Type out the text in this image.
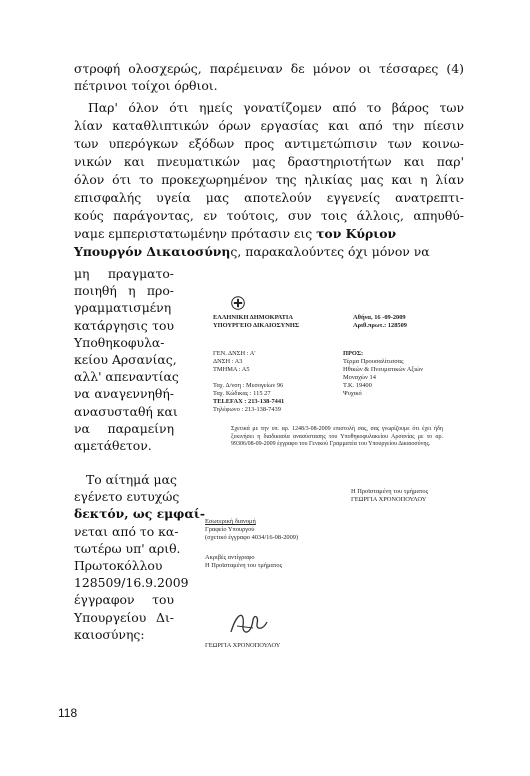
στροφή ολοσχερώς, παρέμειναν δε μόνον οι τέσσαρες (4)
πέτρινοι τοίχοι όρθιοι.
Παρ' όλον ότι ημείς γονατίζομεν από το βάρος των
λίαν καταθλιπτικών όρων εργασίας και από την πίεσιν
των υπερόγκων εξόδων προς αντιμετώπισιν των κοινω-
νικών και πνευματικών μας δραστηριοτήτων και παρ'
όλον ότι το προκεχωρημένον της ηλικίας μας και η λίαν
επισφαλής υγεία μας αποτελούν εγγενείς ανατρεπτι-
κούς παράγοντας, εν τούτοις, συν τοις άλλοις, απηυθύ-
ναμε εμπεριστατωμένην πρότασιν εις τον Κύριον
Υπουργόν Δικαιοσύνης, παρακαλούντες όχι μόνον να
μη πραγματο-
ποιηθή η προ-
γραμματισμένη
κατάργησις του
Υποθηκοφυλα-
κείου Αρσανίας,
αλλ' απεναντίας
να αναγεννηθή-
ανασυσταθή και
να παραμείνη
αμετάθετον.
Το αίτημά μας
εγένετο ευτυχώς
δεκτόν, ως εμφαί-
νεται από το κα-
τωτέρω υπ' αριθ.
Πρωτοκόλλου
128509/16.9.2009
έγγραφον του
Υπουργείου Δι-
καιοσύνης:
ΕΛΛΗΝΙΚΗ ΔΗΜΟΚΡΑΤΙΑ
ΥΠΟΥΡΓΕΙΟ ΔΙΚΑΙΟΣΥΝΗΣ
Αθήνα, 16 -09-2009
Αριθ.πρωτ.: 128509
ΓΕΝ. ΔΝΣΗ : Α'
ΔΝΣΗ : Α3
ΤΜΗΜΑ : Α5
ΠΡΟΣ:
Τέρμα Προυσαλίτισσας
Ηθικών & Πνευματικών Αξιών
Μοναχών 14
Τ.Κ. 19400
Ψυχικό
Ταχ. Δ/νση : Μεσογείων 96
Ταχ. Κώδικας : 115 27
TELEFAX : 213-138-7441
Τηλέφωνο : 213-138-7439
Σχετικά με την υπ. αρ. 1248/3-08-2009 επιστολή σας, σας γνωρίζουμε ότι έχει ήδη ξεκινήσει η διαδικασία ανασύστασης του Υποθηκοφυλακείου Αρσανίας με το αρ. 99306/08-09-2009 έγγραφο του Γενικού Γραμματέα του Υπουργείου Δικαιοσύνης.
Η Προϊσταμένη του τμήματος
ΓΕΩΡΓΙΑ ΧΡΟΝΟΠΟΥΛΟΥ
Εσωτερική διανομή
Γραφείο Υπουργού
(σχετικό έγγραφο 4034/16-08-2009)
Ακριβές αντίγραφο
Η Προϊσταμένη του τμήματος
ΓΕΩΡΓΙΑ ΧΡΟΝΟΠΟΥΛΟΥ
118
